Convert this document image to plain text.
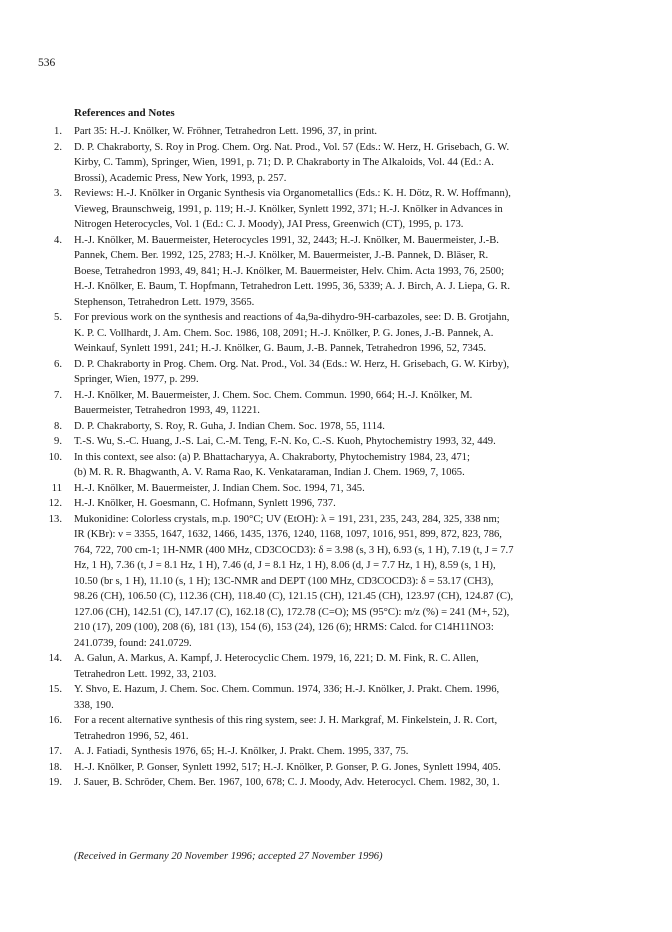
536
References and Notes
1.	Part 35: H.-J. Knölker, W. Fröhner, Tetrahedron Lett. 1996, 37, in print.
2.	D. P. Chakraborty, S. Roy in Prog. Chem. Org. Nat. Prod., Vol. 57 (Eds.: W. Herz, H. Grisebach, G. W.
Kirby, C. Tamm), Springer, Wien, 1991, p. 71; D. P. Chakraborty in The Alkaloids, Vol. 44 (Ed.: A.
Brossi), Academic Press, New York, 1993, p. 257.
3.	Reviews: H.-J. Knölker in Organic Synthesis via Organometallics (Eds.: K. H. Dötz, R. W. Hoffmann),
Vieweg, Braunschweig, 1991, p. 119; H.-J. Knölker, Synlett 1992, 371; H.-J. Knölker in Advances in
Nitrogen Heterocycles, Vol. 1 (Ed.: C. J. Moody), JAI Press, Greenwich (CT), 1995, p. 173.
4.	H.-J. Knölker, M. Bauermeister, Heterocycles 1991, 32, 2443; H.-J. Knölker, M. Bauermeister, J.-B.
Pannek, Chem. Ber. 1992, 125, 2783; H.-J. Knölker, M. Bauermeister, J.-B. Pannek, D. Bläser, R.
Boese, Tetrahedron 1993, 49, 841; H.-J. Knölker, M. Bauermeister, Helv. Chim. Acta 1993, 76, 2500;
H.-J. Knölker, E. Baum, T. Hopfmann, Tetrahedron Lett. 1995, 36, 5339; A. J. Birch, A. J. Liepa, G. R.
Stephenson, Tetrahedron Lett. 1979, 3565.
5.	For previous work on the synthesis and reactions of 4a,9a-dihydro-9H-carbazoles, see: D. B. Grotjahn,
K. P. C. Vollhardt, J. Am. Chem. Soc. 1986, 108, 2091; H.-J. Knölker, P. G. Jones, J.-B. Pannek, A.
Weinkauf, Synlett 1991, 241; H.-J. Knölker, G. Baum, J.-B. Pannek, Tetrahedron 1996, 52, 7345.
6.	D. P. Chakraborty in Prog. Chem. Org. Nat. Prod., Vol. 34 (Eds.: W. Herz, H. Grisebach, G. W. Kirby),
Springer, Wien, 1977, p. 299.
7.	H.-J. Knölker, M. Bauermeister, J. Chem. Soc. Chem. Commun. 1990, 664; H.-J. Knölker, M.
Bauermeister, Tetrahedron 1993, 49, 11221.
8.	D. P. Chakraborty, S. Roy, R. Guha, J. Indian Chem. Soc. 1978, 55, 1114.
9.	T.-S. Wu, S.-C. Huang, J.-S. Lai, C.-M. Teng, F.-N. Ko, C.-S. Kuoh, Phytochemistry 1993, 32, 449.
10.	In this context, see also: (a) P. Bhattacharyya, A. Chakraborty, Phytochemistry 1984, 23, 471;
(b) M. R. R. Bhagwanth, A. V. Rama Rao, K. Venkataraman, Indian J. Chem. 1969, 7, 1065.
11	H.-J. Knölker, M. Bauermeister, J. Indian Chem. Soc. 1994, 71, 345.
12.	H.-J. Knölker, H. Goesmann, C. Hofmann, Synlett 1996, 737.
13.	Mukonidine: Colorless crystals, m.p. 190°C; UV (EtOH): λ = 191, 231, 235, 243, 284, 325, 338 nm;
IR (KBr): ν = 3355, 1647, 1632, 1466, 1435, 1376, 1240, 1168, 1097, 1016, 951, 899, 872, 823, 786,
764, 722, 700 cm-1; 1H-NMR (400 MHz, CD3COCD3): δ = 3.98 (s, 3 H), 6.93 (s, 1 H), 7.19 (t, J = 7.7
Hz, 1 H), 7.36 (t, J = 8.1 Hz, 1 H), 7.46 (d, J = 8.1 Hz, 1 H), 8.06 (d, J = 7.7 Hz, 1 H), 8.59 (s, 1 H),
10.50 (br s, 1 H), 11.10 (s, 1 H); 13C-NMR and DEPT (100 MHz, CD3COCD3): δ = 53.17 (CH3),
98.26 (CH), 106.50 (C), 112.36 (CH), 118.40 (C), 121.15 (CH), 121.45 (CH), 123.97 (CH), 124.87 (C),
127.06 (CH), 142.51 (C), 147.17 (C), 162.18 (C), 172.78 (C=O); MS (95°C): m/z (%) = 241 (M+, 52),
210 (17), 209 (100), 208 (6), 181 (13), 154 (6), 153 (24), 126 (6); HRMS: Calcd. for C14H11NO3:
241.0739, found: 241.0729.
14.	A. Galun, A. Markus, A. Kampf, J. Heterocyclic Chem. 1979, 16, 221; D. M. Fink, R. C. Allen,
Tetrahedron Lett. 1992, 33, 2103.
15.	Y. Shvo, E. Hazum, J. Chem. Soc. Chem. Commun. 1974, 336; H.-J. Knölker, J. Prakt. Chem. 1996,
338, 190.
16.	For a recent alternative synthesis of this ring system, see: J. H. Markgraf, M. Finkelstein, J. R. Cort,
Tetrahedron 1996, 52, 461.
17.	A. J. Fatiadi, Synthesis 1976, 65; H.-J. Knölker, J. Prakt. Chem. 1995, 337, 75.
18.	H.-J. Knölker, P. Gonser, Synlett 1992, 517; H.-J. Knölker, P. Gonser, P. G. Jones, Synlett 1994, 405.
19.	J. Sauer, B. Schröder, Chem. Ber. 1967, 100, 678; C. J. Moody, Adv. Heterocycl. Chem. 1982, 30, 1.
(Received in Germany 20 November 1996; accepted 27 November 1996)
